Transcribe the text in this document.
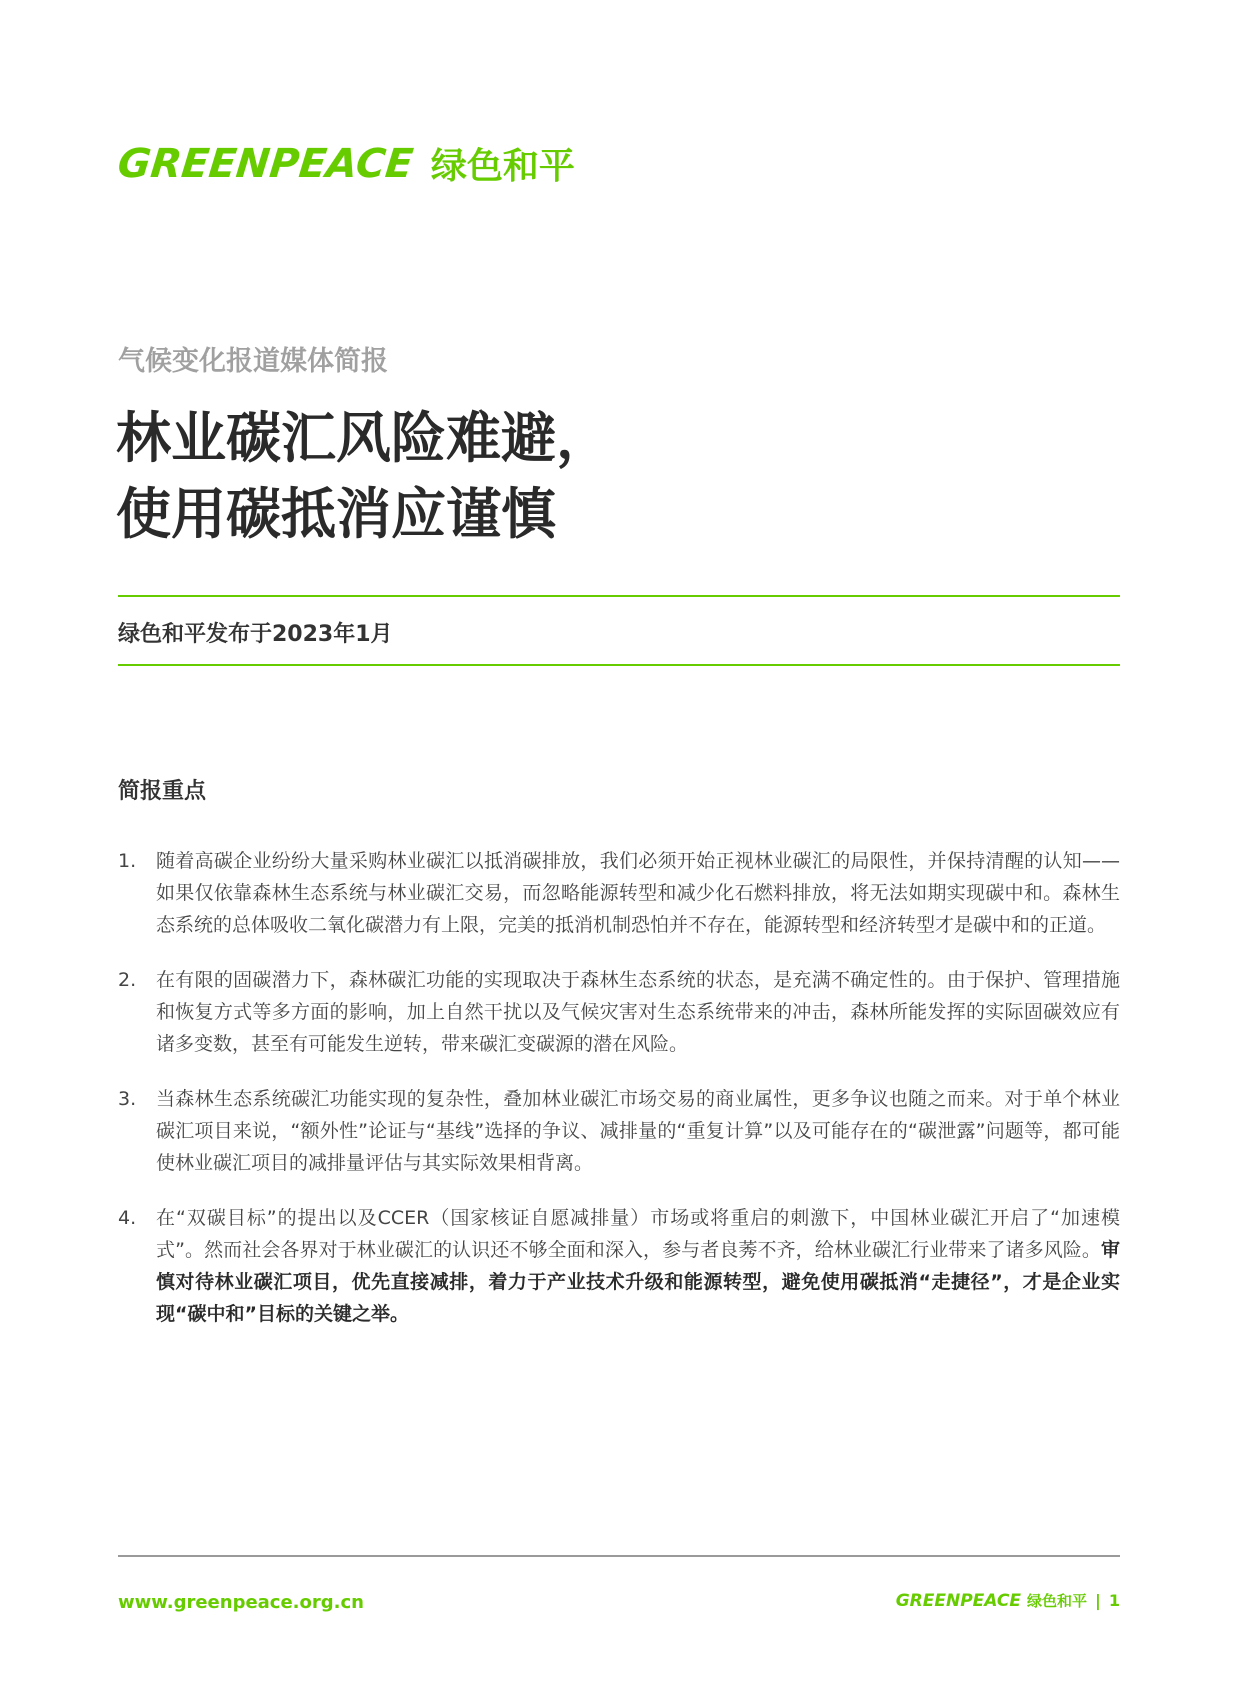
GREENPEACE 绿色和平

气候变化报道媒体简报

林业碳汇风险难避，
使用碳抵消应谨慎

绿色和平发布于2023年1月

简报重点
1.	随着高碳企业纷纷大量采购林业碳汇以抵消碳排放，我们必须开始正视林业碳汇的局限性，并保持清醒的认知——如果仅依靠森林生态系统与林业碳汇交易，而忽略能源转型和减少化石燃料排放，将无法如期实现碳中和。森林生态系统的总体吸收二氧化碳潜力有上限，完美的抵消机制恐怕并不存在，能源转型和经济转型才是碳中和的正道。
2.	在有限的固碳潜力下，森林碳汇功能的实现取决于森林生态系统的状态，是充满不确定性的。由于保护、管理措施和恢复方式等多方面的影响，加上自然干扰以及气候灾害对生态系统带来的冲击，森林所能发挥的实际固碳效应有诸多变数，甚至有可能发生逆转，带来碳汇变碳源的潜在风险。
3.	当森林生态系统碳汇功能实现的复杂性，叠加林业碳汇市场交易的商业属性，更多争议也随之而来。对于单个林业碳汇项目来说，“额外性”论证与“基线”选择的争议、减排量的“重复计算”以及可能存在的“碳泄露”问题等，都可能使林业碳汇项目的减排量评估与其实际效果相背离。
4.	在“双碳目标”的提出以及CCER（国家核证自愿减排量）市场或将重启的刺激下，中国林业碳汇开启了“加速模式”。然而社会各界对于林业碳汇的认识还不够全面和深入，参与者良莠不齐，给林业碳汇行业带来了诸多风险。审慎对待林业碳汇项目，优先直接减排，着力于产业技术升级和能源转型，避免使用碳抵消“走捷径”，才是企业实现“碳中和”目标的关键之举。
www.greenpeace.org.cn	GREENPEACE 绿色和平 | 1
